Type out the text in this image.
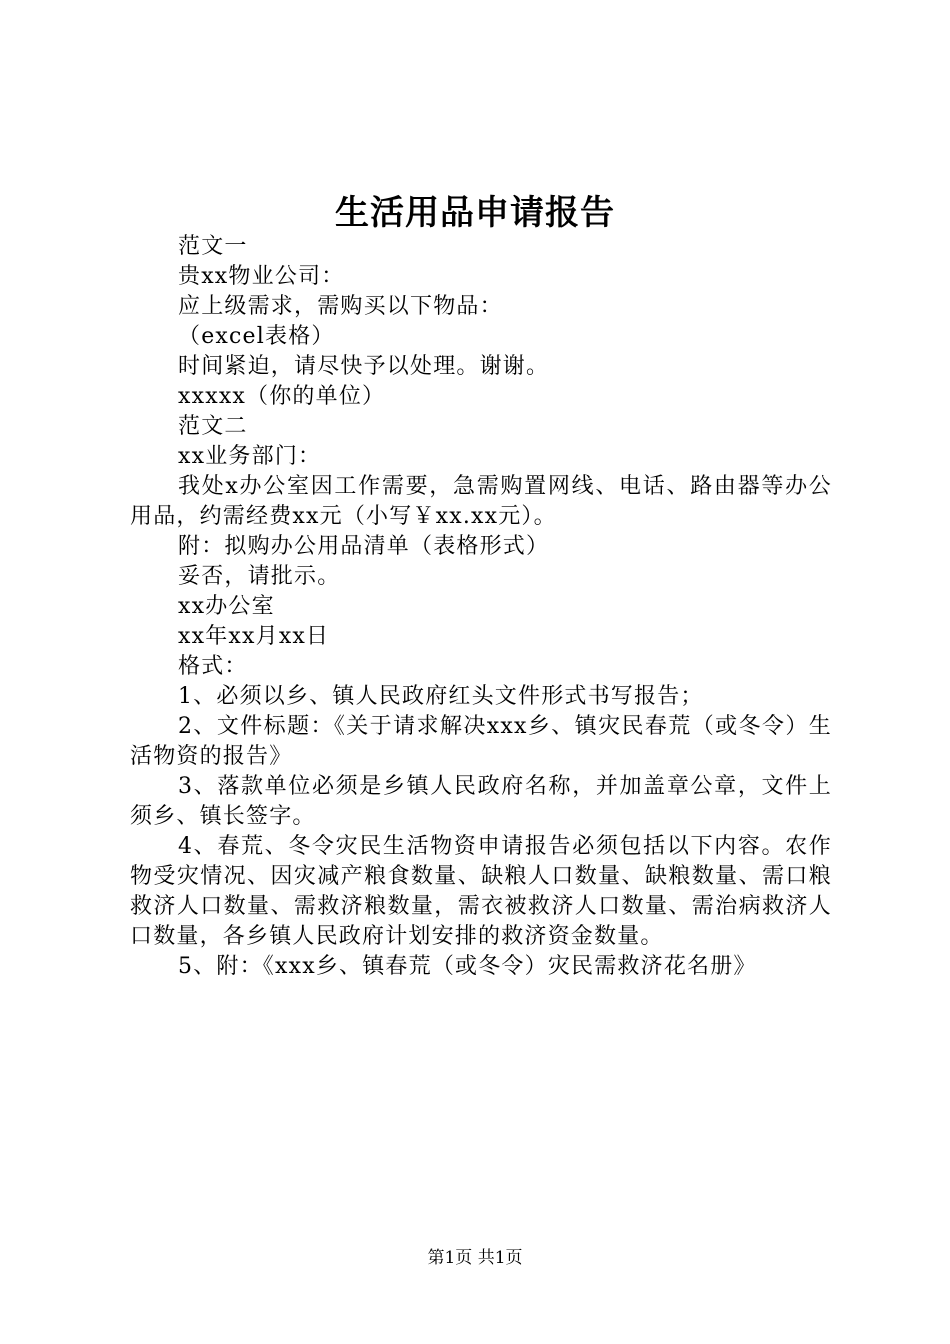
生活用品申请报告

范文一

贵xx物业公司：

应上级需求，需购买以下物品：

（excel表格）

时间紧迫，请尽快予以处理。谢谢。

xxxxx（你的单位）

范文二

xx业务部门：

我处x办公室因工作需要，急需购置网线、电话、路由器等办公用品，约需经费xx元（小写￥xx.xx元）。

附：拟购办公用品清单（表格形式）

妥否，请批示。

xx办公室

xx年xx月xx日

格式：

1、必须以乡、镇人民政府红头文件形式书写报告；

2、文件标题：《关于请求解决xxx乡、镇灾民春荒（或冬令）生活物资的报告》

3、落款单位必须是乡镇人民政府名称，并加盖章公章，文件上须乡、镇长签字。

4、春荒、冬令灾民生活物资申请报告必须包括以下内容。农作物受灾情况、因灾减产粮食数量、缺粮人口数量、缺粮数量、需口粮救济人口数量、需救济粮数量，需衣被救济人口数量、需治病救济人口数量，各乡镇人民政府计划安排的救济资金数量。

5、附：《xxx乡、镇春荒（或冬令）灾民需救济花名册》

第1页 共1页
